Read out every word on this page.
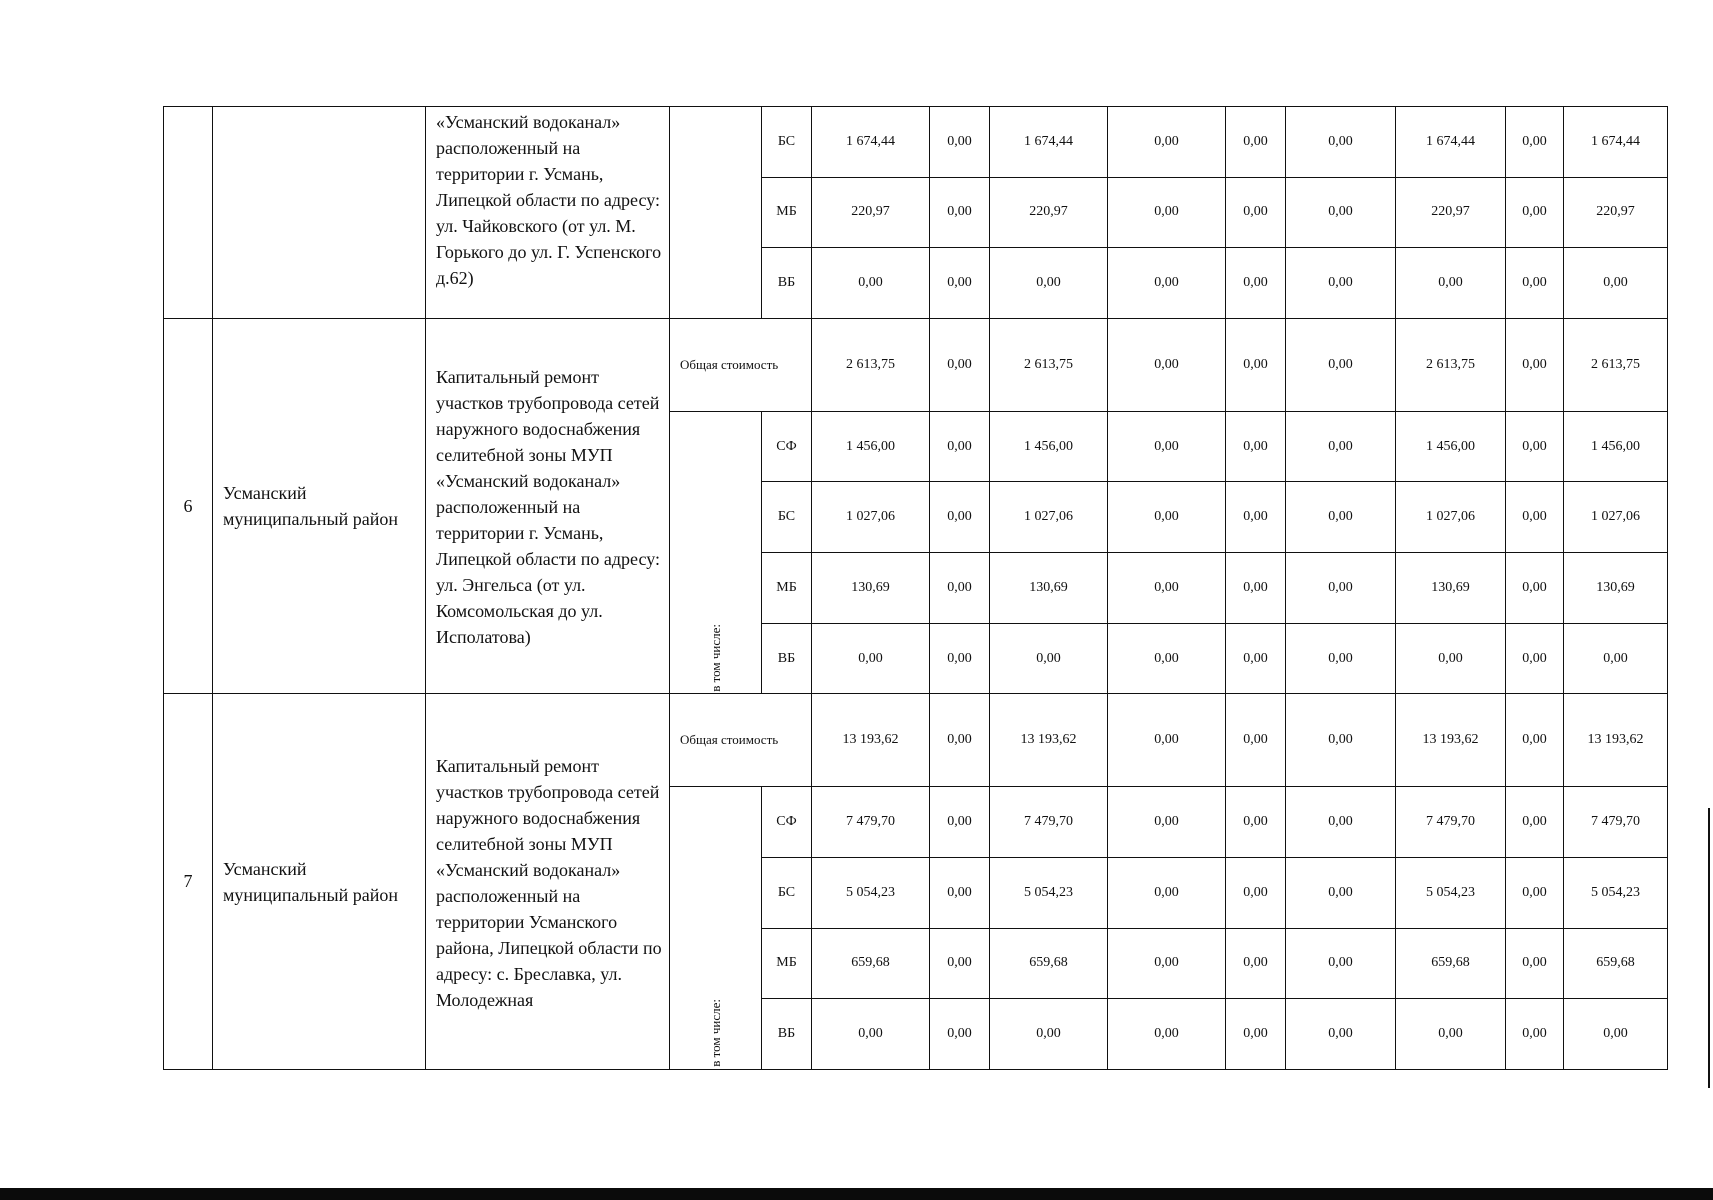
		«Усманский водоканал» расположенный на территории г. Усмань, Липецкой области по адресу: ул. Чайковского (от ул. М. Горького до ул. Г. Успенского д.62)		БС	1 674,44	0,00	1 674,44	0,00	0,00	0,00	1 674,44	0,00	1 674,44
				МБ	220,97	0,00	220,97	0,00	0,00	0,00	220,97	0,00	220,97
				ВБ	0,00	0,00	0,00	0,00	0,00	0,00	0,00	0,00	0,00
6	Усманский муниципальный район	Капитальный ремонт участков трубопровода сетей наружного водоснабжения селитебной зоны МУП «Усманский водоканал» расположенный на территории г. Усмань, Липецкой области по адресу: ул. Энгельса (от ул. Комсомольская до ул. Исполатова)	Общая стоимость		2 613,75	0,00	2 613,75	0,00	0,00	0,00	2 613,75	0,00	2 613,75

			в том числе:	СФ	1 456,00	0,00	1 456,00	0,00	0,00	0,00	1 456,00	0,00	1 456,00
				БС	1 027,06	0,00	1 027,06	0,00	0,00	0,00	1 027,06	0,00	1 027,06
				МБ	130,69	0,00	130,69	0,00	0,00	0,00	130,69	0,00	130,69
				ВБ	0,00	0,00	0,00	0,00	0,00	0,00	0,00	0,00	0,00
7	Усманский муниципальный район	Капитальный ремонт участков трубопровода сетей наружного водоснабжения селитебной зоны МУП «Усманский водоканал» расположенный на территории Усманского района, Липецкой области по адресу: с. Бреславка, ул. Молодежная	Общая стоимость		13 193,62	0,00	13 193,62	0,00	0,00	0,00	13 193,62	0,00	13 193,62

			в том числе:	СФ	7 479,70	0,00	7 479,70	0,00	0,00	0,00	7 479,70	0,00	7 479,70
				БС	5 054,23	0,00	5 054,23	0,00	0,00	0,00	5 054,23	0,00	5 054,23
				МБ	659,68	0,00	659,68	0,00	0,00	0,00	659,68	0,00	659,68
				ВБ	0,00	0,00	0,00	0,00	0,00	0,00	0,00	0,00	0,00
